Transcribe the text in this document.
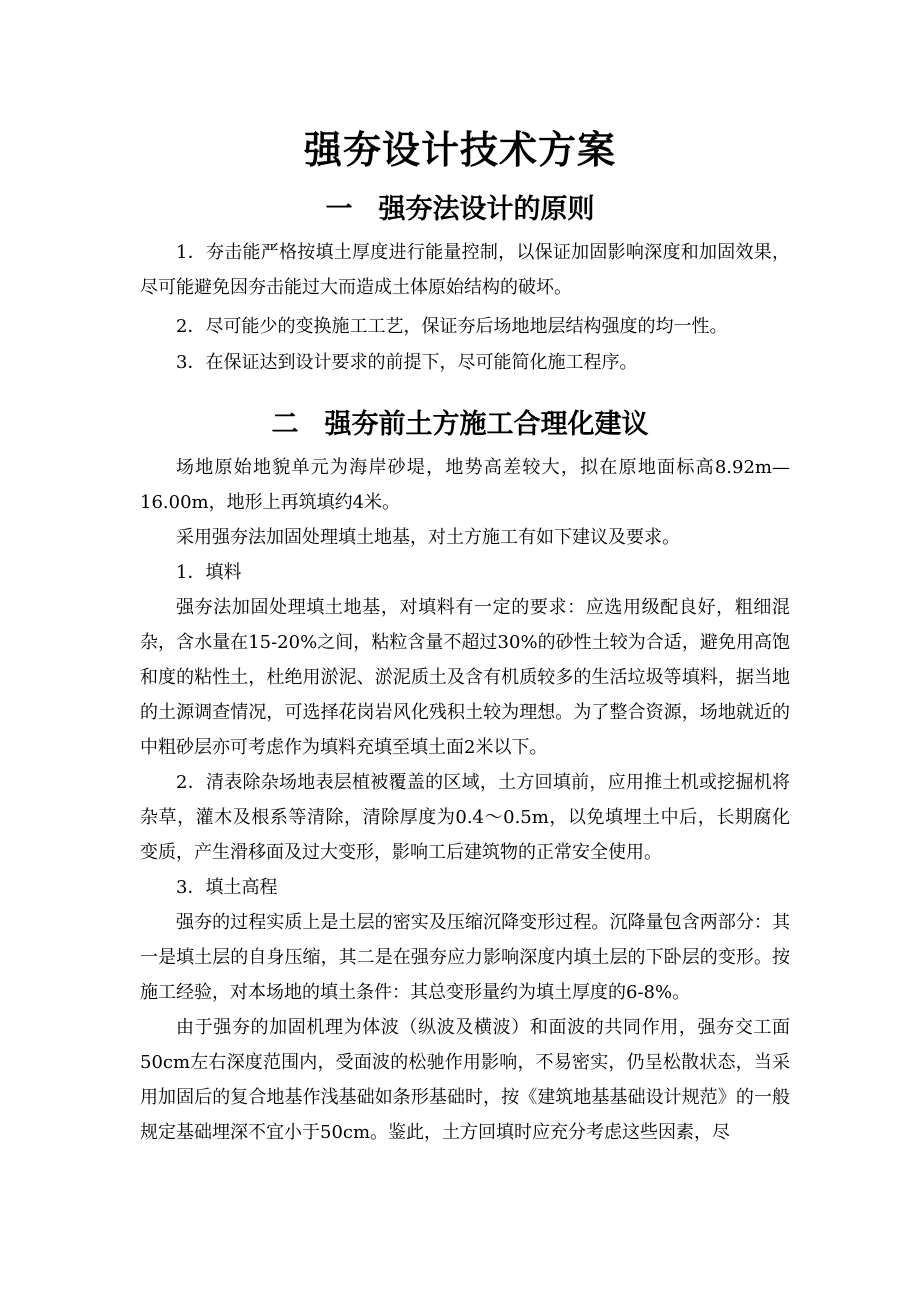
强夯设计技术方案
一 强夯法设计的原则

1．夯击能严格按填土厚度进行能量控制，以保证加固影响深度和加固效果，尽可能避免因夯击能过大而造成土体原始结构的破坏。

2．尽可能少的变换施工工艺，保证夯后场地地层结构强度的均一性。

3．在保证达到设计要求的前提下，尽可能简化施工程序。

二 强夯前土方施工合理化建议

场地原始地貌单元为海岸砂堤，地势高差较大，拟在原地面标高8.92m—16.00m，地形上再筑填约4米。

采用强夯法加固处理填土地基，对土方施工有如下建议及要求。

1．填料

强夯法加固处理填土地基，对填料有一定的要求：应选用级配良好，粗细混杂，含水量在15-20%之间，粘粒含量不超过30%的砂性土较为合适，避免用高饱和度的粘性土，杜绝用淤泥、淤泥质土及含有机质较多的生活垃圾等填料，据当地的土源调查情况，可选择花岗岩风化残积土较为理想。为了整合资源，场地就近的中粗砂层亦可考虑作为填料充填至填土面2米以下。

2．清表除杂场地表层植被覆盖的区域，土方回填前，应用推土机或挖掘机将杂草，灌木及根系等清除，清除厚度为0.4～0.5m，以免填埋土中后，长期腐化变质，产生滑移面及过大变形，影响工后建筑物的正常安全使用。

3．填土高程

强夯的过程实质上是土层的密实及压缩沉降变形过程。沉降量包含两部分：其一是填土层的自身压缩，其二是在强夯应力影响深度内填土层的下卧层的变形。按施工经验，对本场地的填土条件：其总变形量约为填土厚度的6-8%。

由于强夯的加固机理为体波（纵波及横波）和面波的共同作用，强夯交工面50cm左右深度范围内，受面波的松驰作用影响，不易密实，仍呈松散状态，当采用加固后的复合地基作浅基础如条形基础时，按《建筑地基基础设计规范》的一般规定基础埋深不宜小于50cm。鉴此，土方回填时应充分考虑这些因素，尽
